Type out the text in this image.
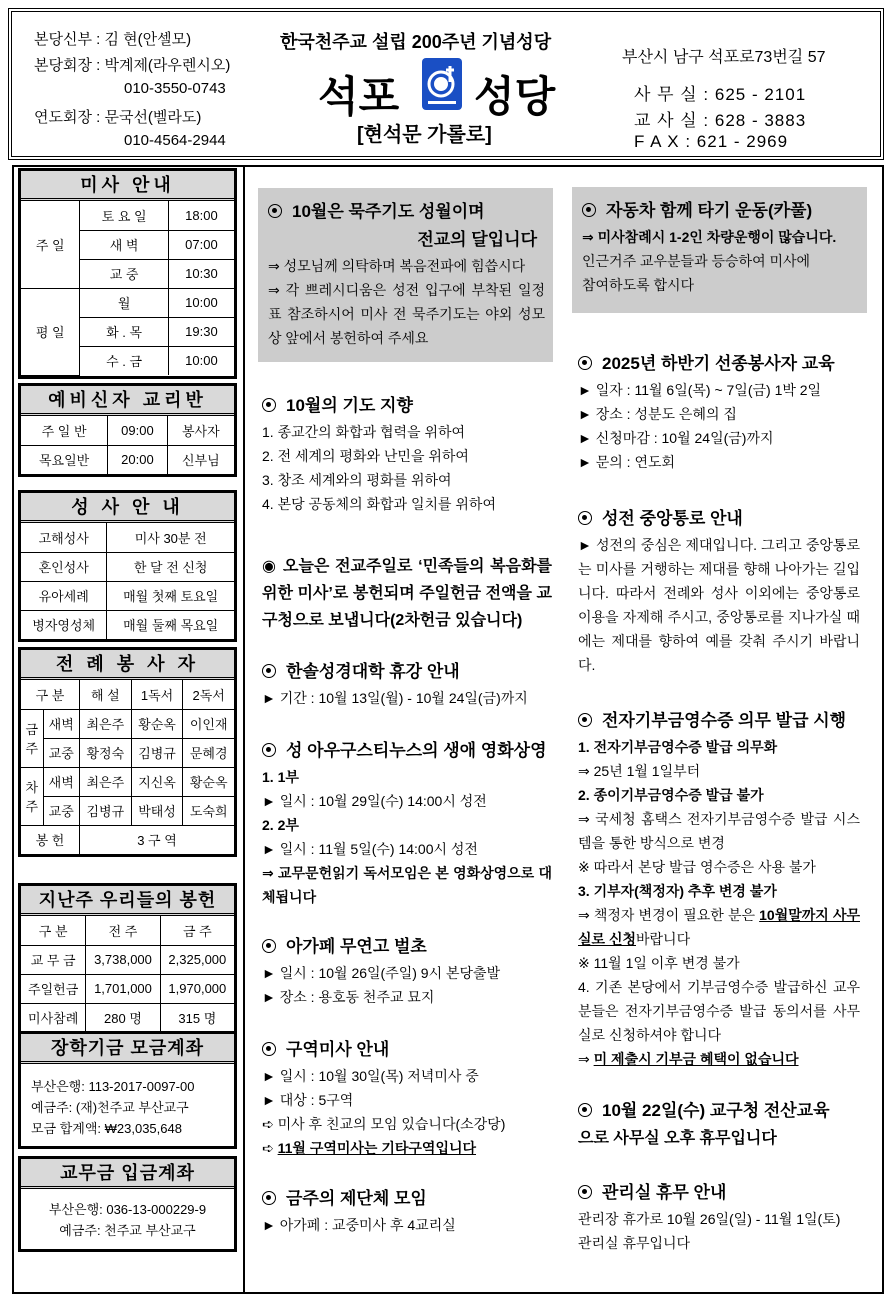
본당신부 : 김 현(안셀모)
본당회장 : 박계제(라우렌시오)
010-3550-0743
연도회장 : 문국선(벨라도)
010-4564-2944
한국천주교 설립 200주년 기념성당
석포 성당
[현석문 가롤로]
부산시 남구 석포로73번길 57
사 무 실 : 625 - 2101
교 사 실 : 628 - 3883
F A X : 621 - 2969
미사 안내
주 일	토 요 일	18:00
	새 벽	07:00
	교 중	10:30
평 일	월	10:00
	화 . 목	19:30
	수 . 금	10:00
예비신자 교리반
주 일 반	09:00	봉사자
목요일반	20:00	신부님
성 사 안 내
고해성사	미사 30분 전
혼인성사	한 달 전 신청
유아세례	매월 첫째 토요일
병자영성체	매월 둘째 목요일
전 례 봉 사 자
구 분		해 설	1독서	2독서
금주	새벽	최은주	황순옥	이인재
	교중	황정숙	김병규	문혜경
차주	새벽	최은주	지신옥	황순옥
	교중	김병규	박태성	도숙희
봉 헌		3 구 역		
지난주 우리들의 봉헌
구 분	전 주	금 주
교 무 금	3,738,000	2,325,000
주일헌금	1,701,000	1,970,000
미사참례	280 명	315 명
장학기금 모금계좌
부산은행: 113-2017-0097-00
예금주: (재)천주교 부산교구
모금 합계액: ₩23,035,648
교무금 입금계좌
부산은행: 036-13-000229-9
예금주: 천주교 부산교구
10월은 묵주기도 성월이며
전교의 달입니다
⇒ 성모님께 의탁하며 복음전파에 힘씁시다
⇒ 각 쁘레시디움은 성전 입구에 부착된 일정표 참조하시어 미사 전 묵주기도는 야외 성모상 앞에서 봉헌하여 주세요
10월의 기도 지향
1. 종교간의 화합과 협력을 위하여
2. 전 세계의 평화와 난민을 위하여
3. 창조 세계와의 평화를 위하여
4. 본당 공동체의 화합과 일치를 위하여
◉ 오늘은 전교주일로 ‘민족들의 복음화를 위한 미사’로 봉헌되며 주일헌금 전액을 교구청으로 보냅니다(2차헌금 있습니다)
한솔성경대학 휴강 안내
► 기간 : 10월 13일(월) - 10월 24일(금)까지
성 아우구스티누스의 생애 영화상영
1. 1부
► 일시 : 10월 29일(수) 14:00시 성전
2. 2부
► 일시 : 11월 5일(수) 14:00시 성전
⇒ 교무문헌읽기 독서모임은 본 영화상영으로 대체됩니다
아가페 무연고 벌초
► 일시 : 10월 26일(주일) 9시 본당출발
► 장소 : 용호동 천주교 묘지
구역미사 안내
► 일시 : 10월 30일(목) 저녁미사 중
► 대상 : 5구역
➪ 미사 후 친교의 모임 있습니다(소강당)
➪ 11월 구역미사는 기타구역입니다
금주의 제단체 모임
► 아가페 : 교중미사 후 4교리실
자동차 함께 타기 운동(카풀)
⇒ 미사참례시 1-2인 차량운행이 많습니다.
인근거주 교우분들과 등승하여 미사에
참여하도록 합시다
2025년 하반기 선종봉사자 교육
► 일자 : 11월 6일(목) ~ 7일(금) 1박 2일
► 장소 : 성분도 은혜의 집
► 신청마감 : 10월 24일(금)까지
► 문의 : 연도회
성전 중앙통로 안내
► 성전의 중심은 제대입니다. 그리고 중앙통로는 미사를 거행하는 제대를 향해 나아가는 길입니다. 따라서 전례와 성사 이외에는 중앙통로 이용을 자제해 주시고, 중앙통로를 지나가실 때에는 제대를 향하여 예를 갖춰 주시기 바랍니다.
전자기부금영수증 의무 발급 시행
1. 전자기부금영수증 발급 의무화
⇒ 25년 1월 1일부터
2. 종이기부금영수증 발급 불가
⇒ 국세청 홈택스 전자기부금영수증 발급 시스템을 통한 방식으로 변경
※ 따라서 본당 발급 영수증은 사용 불가
3. 기부자(책정자) 추후 변경 불가
⇒ 책정자 변경이 필요한 분은 10월말까지 사무실로 신청바랍니다
※ 11월 1일 이후 변경 불가
4. 기존 본당에서 기부금영수증 발급하신 교우분들은 전자기부금영수증 발급 동의서를 사무실로 신청하셔야 합니다
⇒ 미 제출시 기부금 혜택이 없습니다
10월 22일(수) 교구청 전산교육
으로 사무실 오후 휴무입니다
관리실 휴무 안내
관리장 휴가로 10월 26일(일) - 11월 1일(토)
관리실 휴무입니다
